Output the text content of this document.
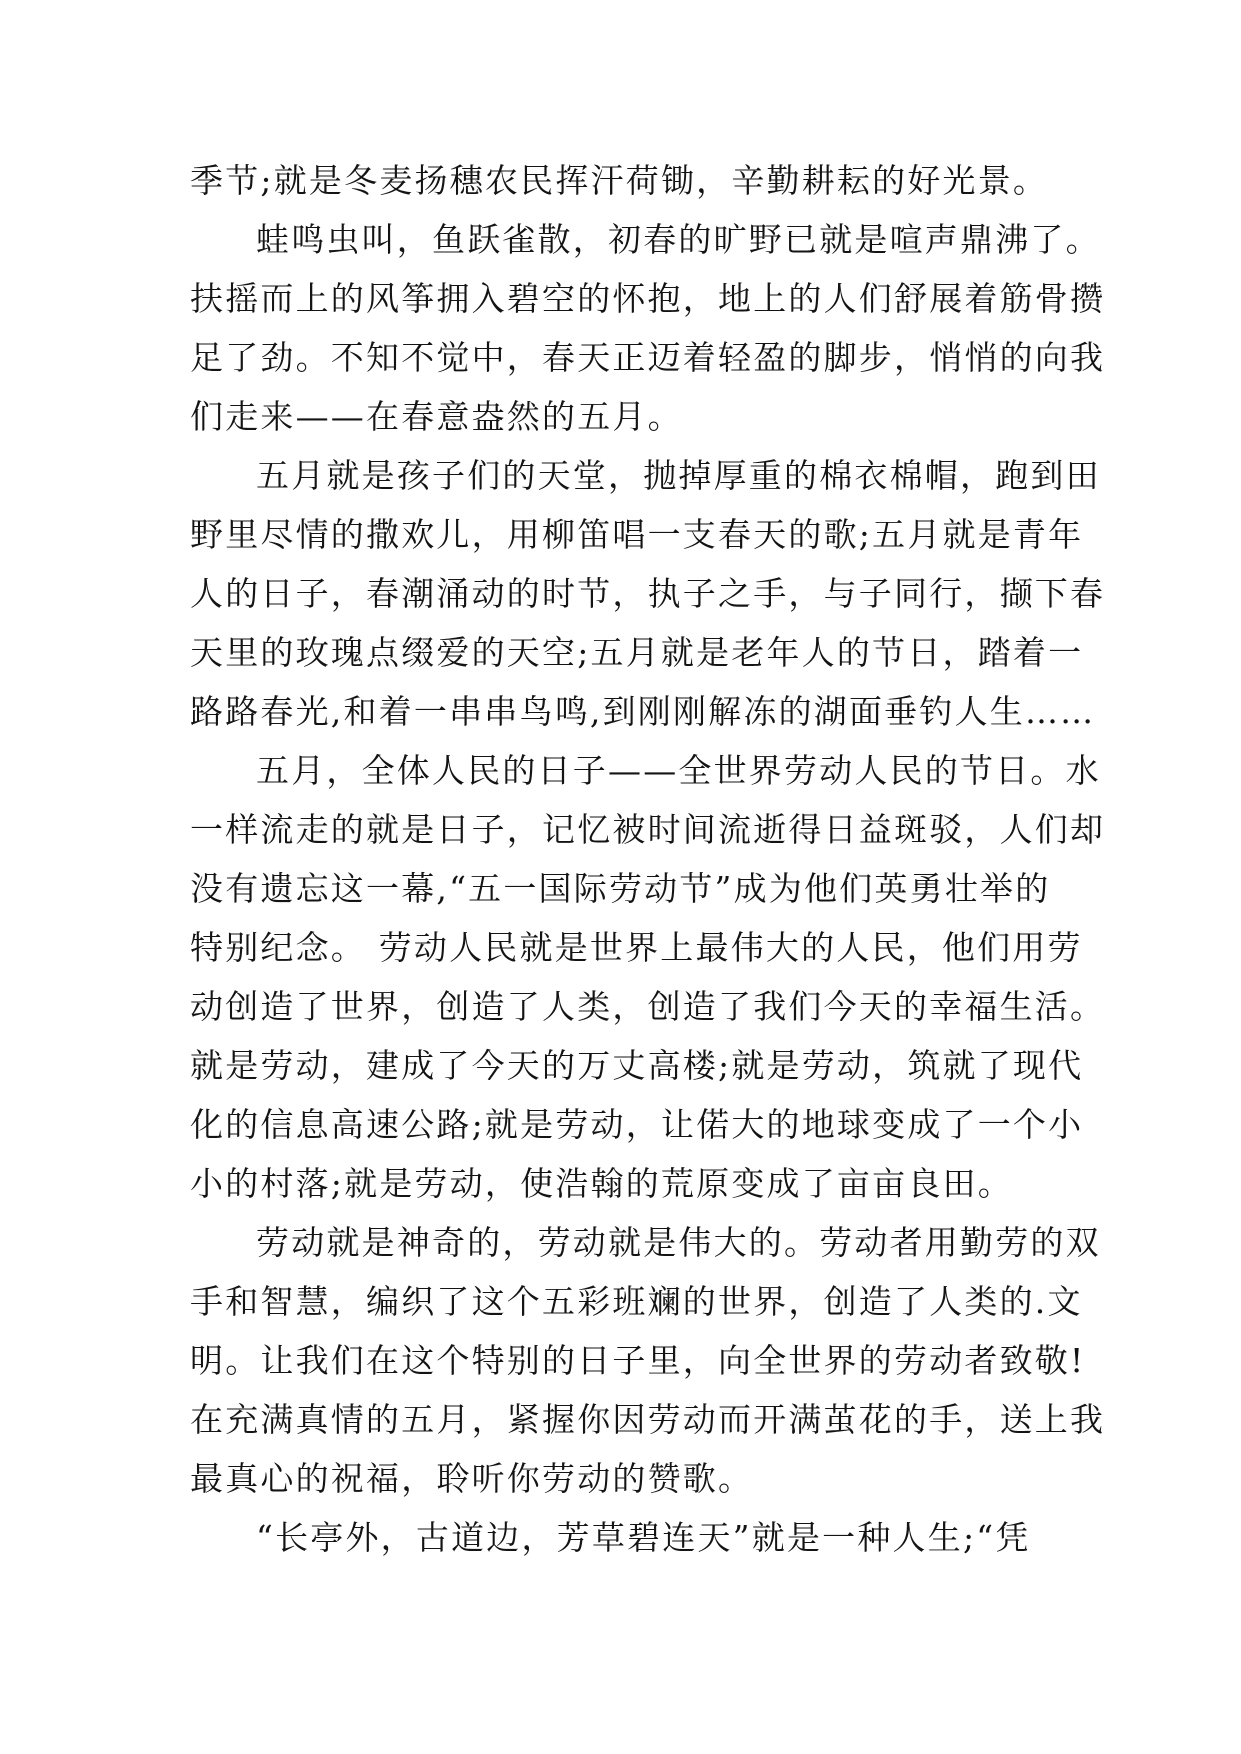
季节;就是冬麦扬穗农民挥汗荷锄，辛勤耕耘的好光景。
蛙鸣虫叫，鱼跃雀散，初春的旷野已就是喧声鼎沸了。
扶摇而上的风筝拥入碧空的怀抱，地上的人们舒展着筋骨攒
足了劲。不知不觉中，春天正迈着轻盈的脚步，悄悄的向我
们走来——在春意盎然的五月。
五月就是孩子们的天堂，抛掉厚重的棉衣棉帽，跑到田
野里尽情的撒欢儿，用柳笛唱一支春天的歌;五月就是青年
人的日子，春潮涌动的时节，执子之手，与子同行，撷下春
天里的玫瑰点缀爱的天空;五月就是老年人的节日，踏着一
路路春光,和着一串串鸟鸣,到刚刚解冻的湖面垂钓人生……
五月，全体人民的日子——全世界劳动人民的节日。水
一样流走的就是日子，记忆被时间流逝得日益斑驳，人们却
没有遗忘这一幕,“五一国际劳动节”成为他们英勇壮举的
特别纪念。 劳动人民就是世界上最伟大的人民，他们用劳
动创造了世界，创造了人类，创造了我们今天的幸福生活。
就是劳动，建成了今天的万丈高楼;就是劳动，筑就了现代
化的信息高速公路;就是劳动，让偌大的地球变成了一个小
小的村落;就是劳动，使浩翰的荒原变成了亩亩良田。
劳动就是神奇的，劳动就是伟大的。劳动者用勤劳的双
手和智慧，编织了这个五彩班斓的世界，创造了人类的.文
明。让我们在这个特别的日子里，向全世界的劳动者致敬!
在充满真情的五月，紧握你因劳动而开满茧花的手，送上我
最真心的祝福，聆听你劳动的赞歌。
“长亭外，古道边，芳草碧连天”就是一种人生;“凭
